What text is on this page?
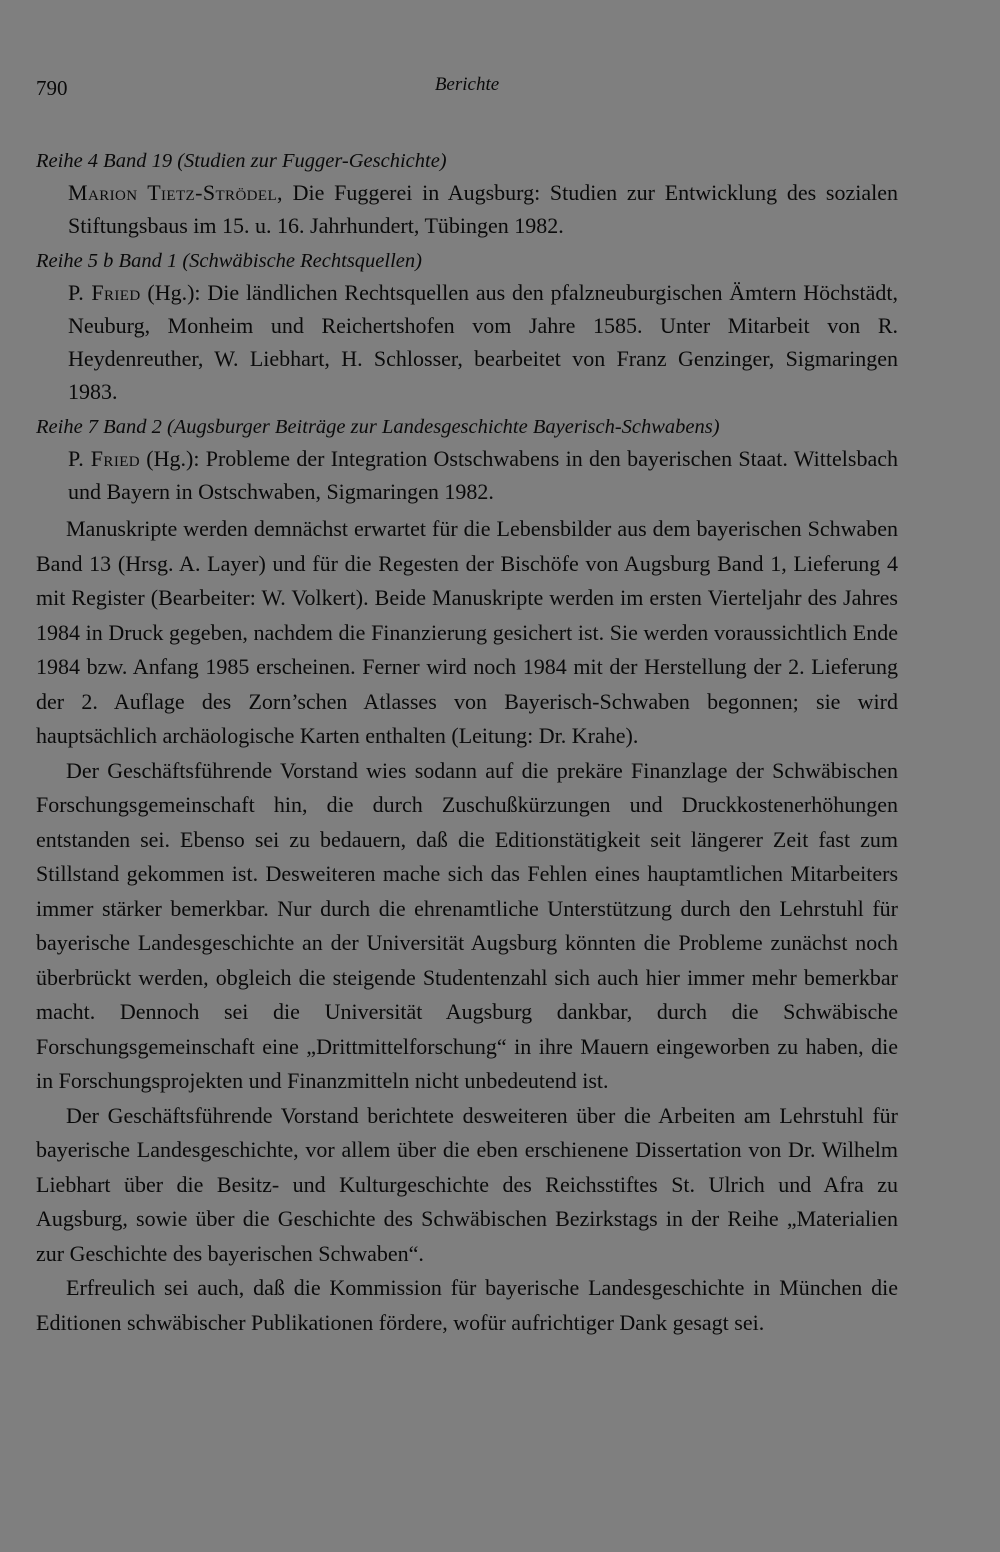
790	Berichte

Reihe 4 Band 19 (Studien zur Fugger-Geschichte)

Marion Tietz-Strödel, Die Fuggerei in Augsburg: Studien zur Entwicklung des sozialen Stiftungsbaus im 15. u. 16. Jahrhundert, Tübingen 1982.

Reihe 5 b Band 1 (Schwäbische Rechtsquellen)

P. Fried (Hg.): Die ländlichen Rechtsquellen aus den pfalzneuburgischen Ämtern Höchstädt, Neuburg, Monheim und Reichertshofen vom Jahre 1585. Unter Mitarbeit von R. Heydenreuther, W. Liebhart, H. Schlosser, bearbeitet von Franz Genzinger, Sigmaringen 1983.

Reihe 7 Band 2 (Augsburger Beiträge zur Landesgeschichte Bayerisch-Schwabens)

P. Fried (Hg.): Probleme der Integration Ostschwabens in den bayerischen Staat. Wittelsbach und Bayern in Ostschwaben, Sigmaringen 1982.

Manuskripte werden demnächst erwartet für die Lebensbilder aus dem bayerischen Schwaben Band 13 (Hrsg. A. Layer) und für die Regesten der Bischöfe von Augsburg Band 1, Lieferung 4 mit Register (Bearbeiter: W. Volkert). Beide Manuskripte werden im ersten Vierteljahr des Jahres 1984 in Druck gegeben, nachdem die Finanzierung gesichert ist. Sie werden voraussichtlich Ende 1984 bzw. Anfang 1985 erscheinen. Ferner wird noch 1984 mit der Herstellung der 2. Lieferung der 2. Auflage des Zorn’schen Atlasses von Bayerisch-Schwaben begonnen; sie wird hauptsächlich archäologische Karten enthalten (Leitung: Dr. Krahe).

Der Geschäftsführende Vorstand wies sodann auf die prekäre Finanzlage der Schwäbischen Forschungsgemeinschaft hin, die durch Zuschußkürzungen und Druckkostenerhöhungen entstanden sei. Ebenso sei zu bedauern, daß die Editionstätigkeit seit längerer Zeit fast zum Stillstand gekommen ist. Desweiteren mache sich das Fehlen eines hauptamtlichen Mitarbeiters immer stärker bemerkbar. Nur durch die ehrenamtliche Unterstützung durch den Lehrstuhl für bayerische Landesgeschichte an der Universität Augsburg könnten die Probleme zunächst noch überbrückt werden, obgleich die steigende Studentenzahl sich auch hier immer mehr bemerkbar macht. Dennoch sei die Universität Augsburg dankbar, durch die Schwäbische Forschungsgemeinschaft eine „Drittmittelforschung“ in ihre Mauern eingeworben zu haben, die in Forschungsprojekten und Finanzmitteln nicht unbedeutend ist.

Der Geschäftsführende Vorstand berichtete desweiteren über die Arbeiten am Lehrstuhl für bayerische Landesgeschichte, vor allem über die eben erschienene Dissertation von Dr. Wilhelm Liebhart über die Besitz- und Kulturgeschichte des Reichsstiftes St. Ulrich und Afra zu Augsburg, sowie über die Geschichte des Schwäbischen Bezirkstags in der Reihe „Materialien zur Geschichte des bayerischen Schwaben“.

Erfreulich sei auch, daß die Kommission für bayerische Landesgeschichte in München die Editionen schwäbischer Publikationen fördere, wofür aufrichtiger Dank gesagt sei.
